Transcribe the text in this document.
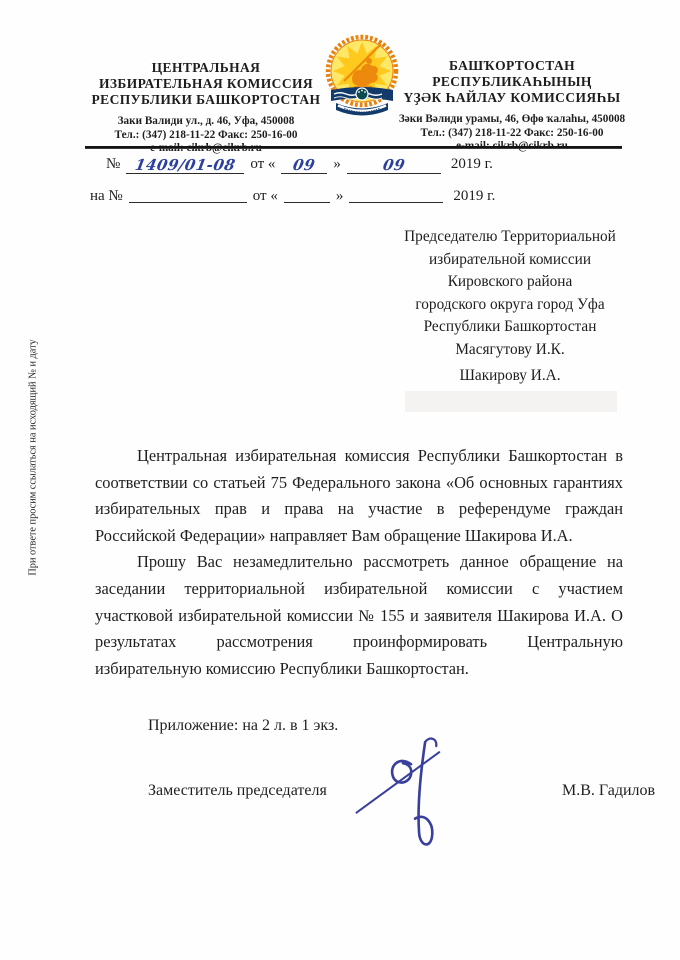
ЦЕНТРАЛЬНАЯ
ИЗБИРАТЕЛЬНАЯ КОМИССИЯ
РЕСПУБЛИКИ БАШКОРТОСТАН
Заки Валиди ул., д. 46, Уфа, 450008
Тел.: (347) 218-11-22 Факс: 250-16-00
БАШҠОРТОСТАН
РЕСПУБЛИКАҺЫНЫҢ
ҮҘӘК ҺАЙЛАУ КОМИССИЯҺЫ
Зәки Вәлиди урамы, 46, Өфө ҡалаһы, 450008
Тел.: (347) 218-11-22 Факс: 250-16-00
№ 1409/01-08 от « 09 »	09	2019 г.
на №	от «	»	2019 г.
При ответе просим ссылаться на исходящий № и дату
Председателю Территориальной
избирательной комиссии
Кировского района
городского округа город Уфа
Республики Башкортостан
Масягутову И.К.
Шакирову И.А.

Центральная избирательная комиссия Республики Башкортостан в соответствии со статьей 75 Федерального закона «Об основных гарантиях избирательных прав и права на участие в референдуме граждан Российской Федерации» направляет Вам обращение Шакирова И.А.

Прошу Вас незамедлительно рассмотреть данное обращение на заседании территориальной избирательной комиссии с участием участковой избирательной комиссии № 155 и заявителя Шакирова И.А. О результатах рассмотрения проинформировать Центральную избирательную комиссию Республики Башкортостан.

Приложение: на 2 л. в 1 экз.
Заместитель председателя	М.В. Гадилов
